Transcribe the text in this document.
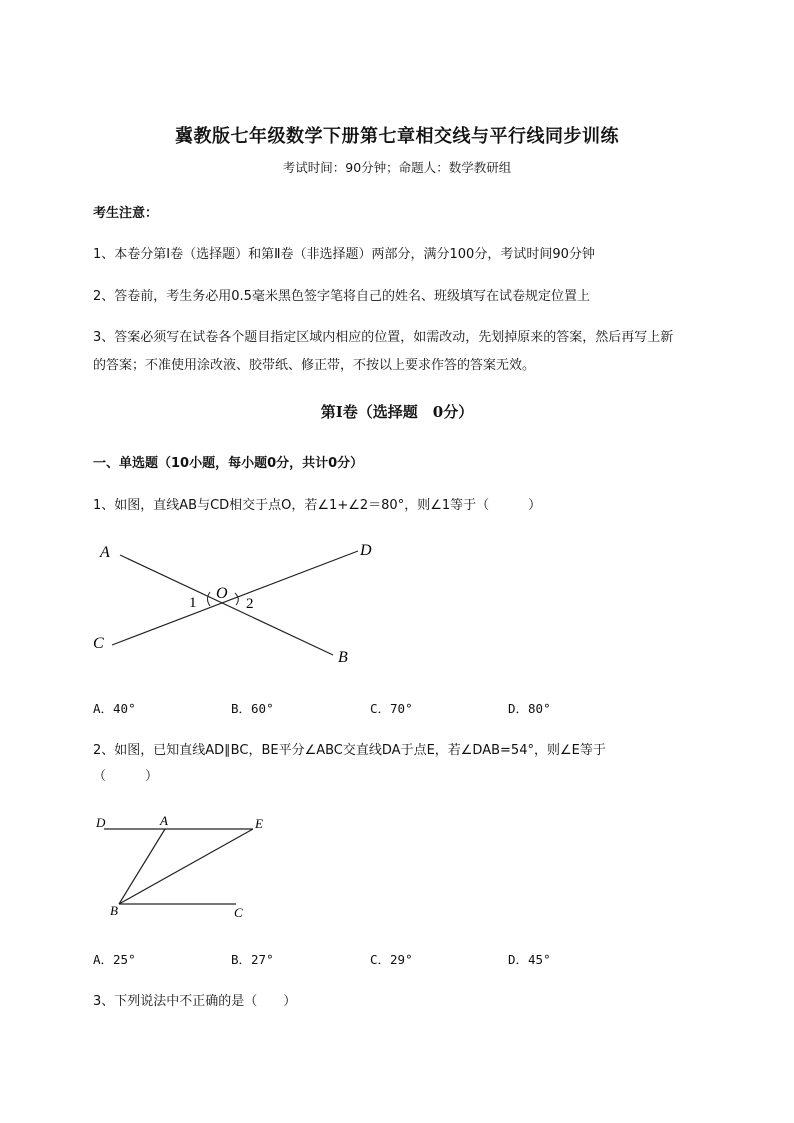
冀教版七年级数学下册第七章相交线与平行线同步训练
考试时间：90分钟；命题人：数学教研组
考生注意：
1、本卷分第I卷（选择题）和第Ⅱ卷（非选择题）两部分，满分100分，考试时间90分钟
2、答卷前，考生务必用0.5毫米黑色签字笔将自己的姓名、班级填写在试卷规定位置上
3、答案必须写在试卷各个题目指定区域内相应的位置，如需改动，先划掉原来的答案，然后再写上新
的答案；不准使用涂改液、胶带纸、修正带，不按以上要求作答的答案无效。
第I卷（选择题　0分）
一、单选题（10小题，每小题0分，共计0分）
1、如图，直线AB与CD相交于点O，若∠1+∠2＝80°，则∠1等于（　　　）
A
B
C
D
O
1	2
A．40°	B．60°	C．70°	D．80°
2、如图，已知直线AD∥BC，BE平分∠ABC交直线DA于点E，若∠DAB=54°，则∠E等于
（　　　）
D	A	E
B	C
A．25°	B．27°	C．29°	D．45°
3、下列说法中不正确的是（　　）
